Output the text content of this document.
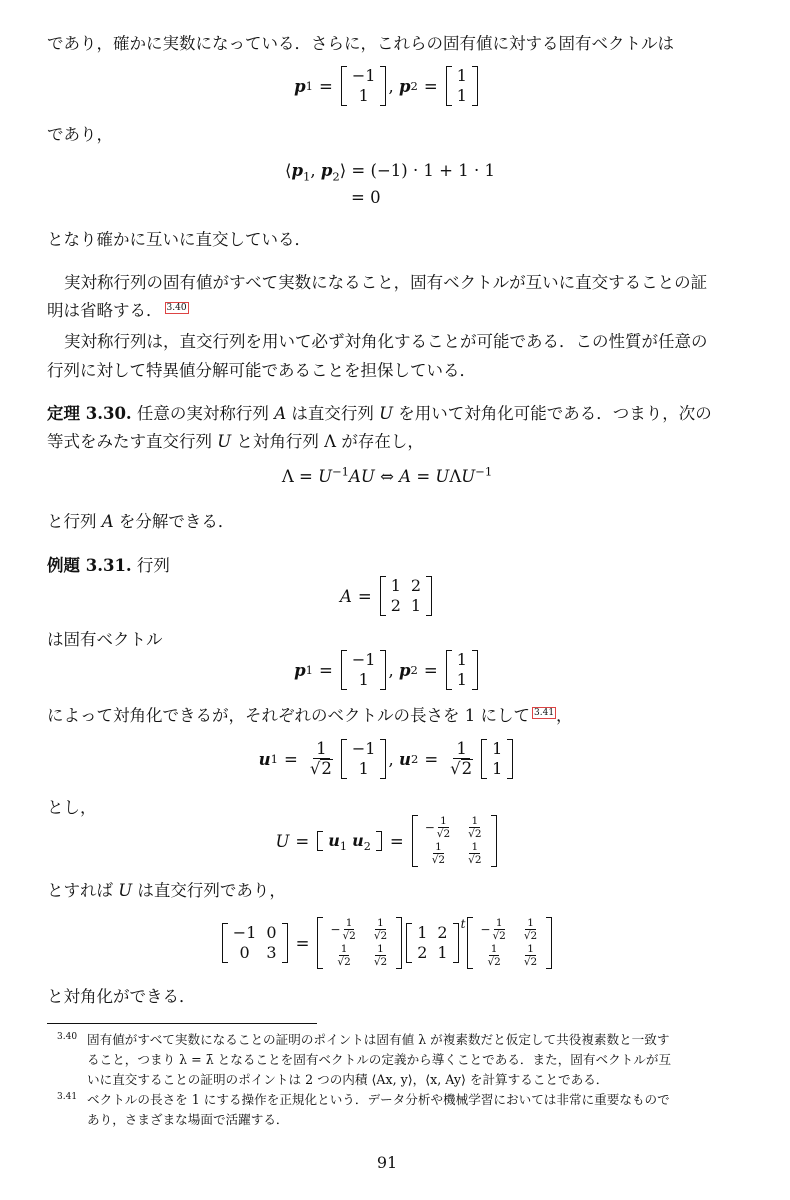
であり，確かに実数になっている．さらに，これらの固有値に対する固有ベクトルは
p 1 =
−1
1 , p 2 =
1
1
であり，
$⟨p_1$, $p_2⟩ = (-1) \cdot 1 + 1 \cdot 1$
= 0
となり確かに互いに直交している．
実対称行列の固有値がすべて実数になること，固有ベクトルが互いに直交することの証
明は省略する． $^{3.40}$
実対称行列は，直交行列を用いて必ず対角化することが可能である．この性質が任意の
行列に対して特異値分解可能であることを担保している．
定理 3.30. 任意の実対称行列 A は直交行列 U を用いて対角化可能である．つまり，次の
等式をみたす直交行列 U と対角行列 Λ が存在し，
$\Lambda = U^{-1}AU$ ⇔ $A = U\Lambda U^{-1}$
と行列 A を分解できる．
例題 3.31. 行列
A =
1	2
2	1
は固有ベクトル
p 1 =
−1
1 , p 2 =
1
1
によって対角化できるが，それぞれのベクトルの長さを 1 にして $^{3.41}$ ，
u $1 = \frac{1}{√ 2} -1$
1 , u $2 = \frac{1}{√ 2} 1$
1
とし，
$U = u_1$ $u_2$ =
− $\frac{1}{√2}$	$\frac{1}{√2}$

$\frac{1}{√2}$	$\frac{1}{√2}$
とすれば U は直交行列であり，
−1	0
0	3 =
− $\frac{1}{√2}$	$\frac{1}{√2}$

$\frac{1}{√2}$	$\frac{1}{√2}$
1	2
2	1
$t - \frac{1}{√2}$	$\frac{1}{√2}$

$\frac{1}{√2}$	$\frac{1}{√2}$
と対角化ができる．
3.40 固有値がすべて実数になることの証明のポイントは固有値 λ が複素数だと仮定して共役複素数と一致す
ること，つまり λ = λ̄ となることを固有ベクトルの定義から導くことである．また，固有ベクトルが互
いに直交することの証明のポイントは 2 つの内積 ⟨Ax, y⟩，⟨x, Ay⟩ を計算することである．
3.41 ベクトルの長さを 1 にする操作を正規化という．データ分析や機械学習においては非常に重要なもので
あり，さまざまな場面で活躍する．
91
